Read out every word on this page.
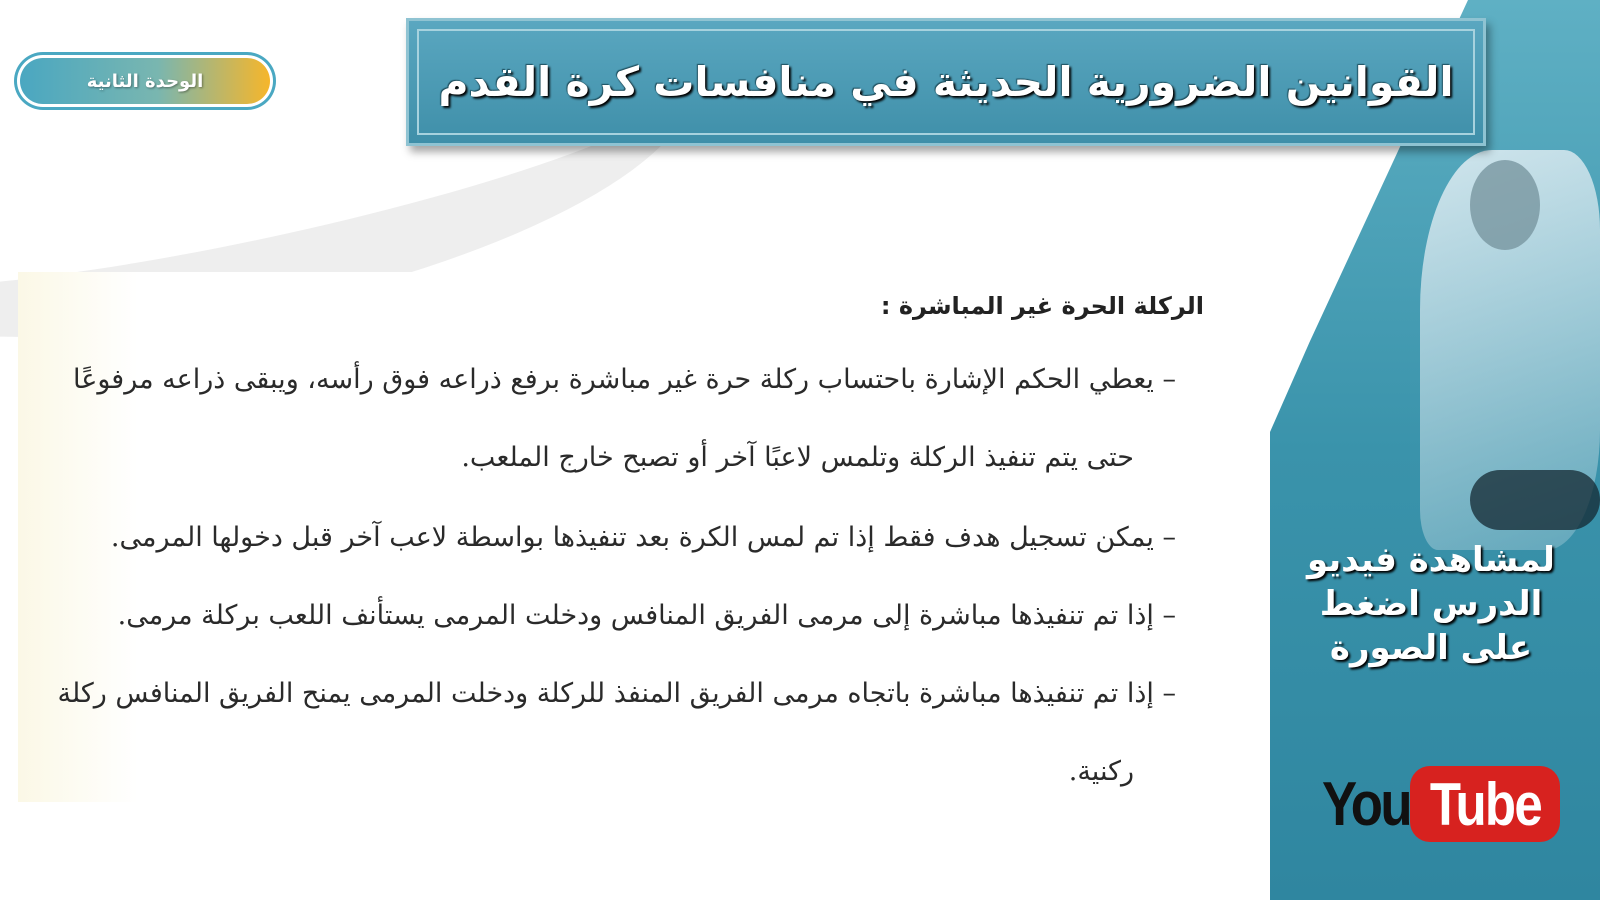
الوحدة الثانية	القوانين الضرورية الحديثة في منافسات كرة القدم
الركلة الحرة غير المباشرة :
– يعطي الحكم الإشارة باحتساب ركلة حرة غير مباشرة برفع ذراعه فوق رأسه، ويبقى ذراعه مرفوعًا
حتى يتم تنفيذ الركلة وتلمس لاعبًا آخر أو تصبح خارج الملعب.
– يمكن تسجيل هدف فقط إذا تم لمس الكرة بعد تنفيذها بواسطة لاعب آخر قبل دخولها المرمى.
– إذا تم تنفيذها مباشرة إلى مرمى الفريق المنافس ودخلت المرمى يستأنف اللعب بركلة مرمى.
– إذا تم تنفيذها مباشرة باتجاه مرمى الفريق المنفذ للركلة ودخلت المرمى يمنح الفريق المنافس ركلة
ركنية.
لمشاهدة فيديو
الدرس اضغط
على الصورة
You Tube
